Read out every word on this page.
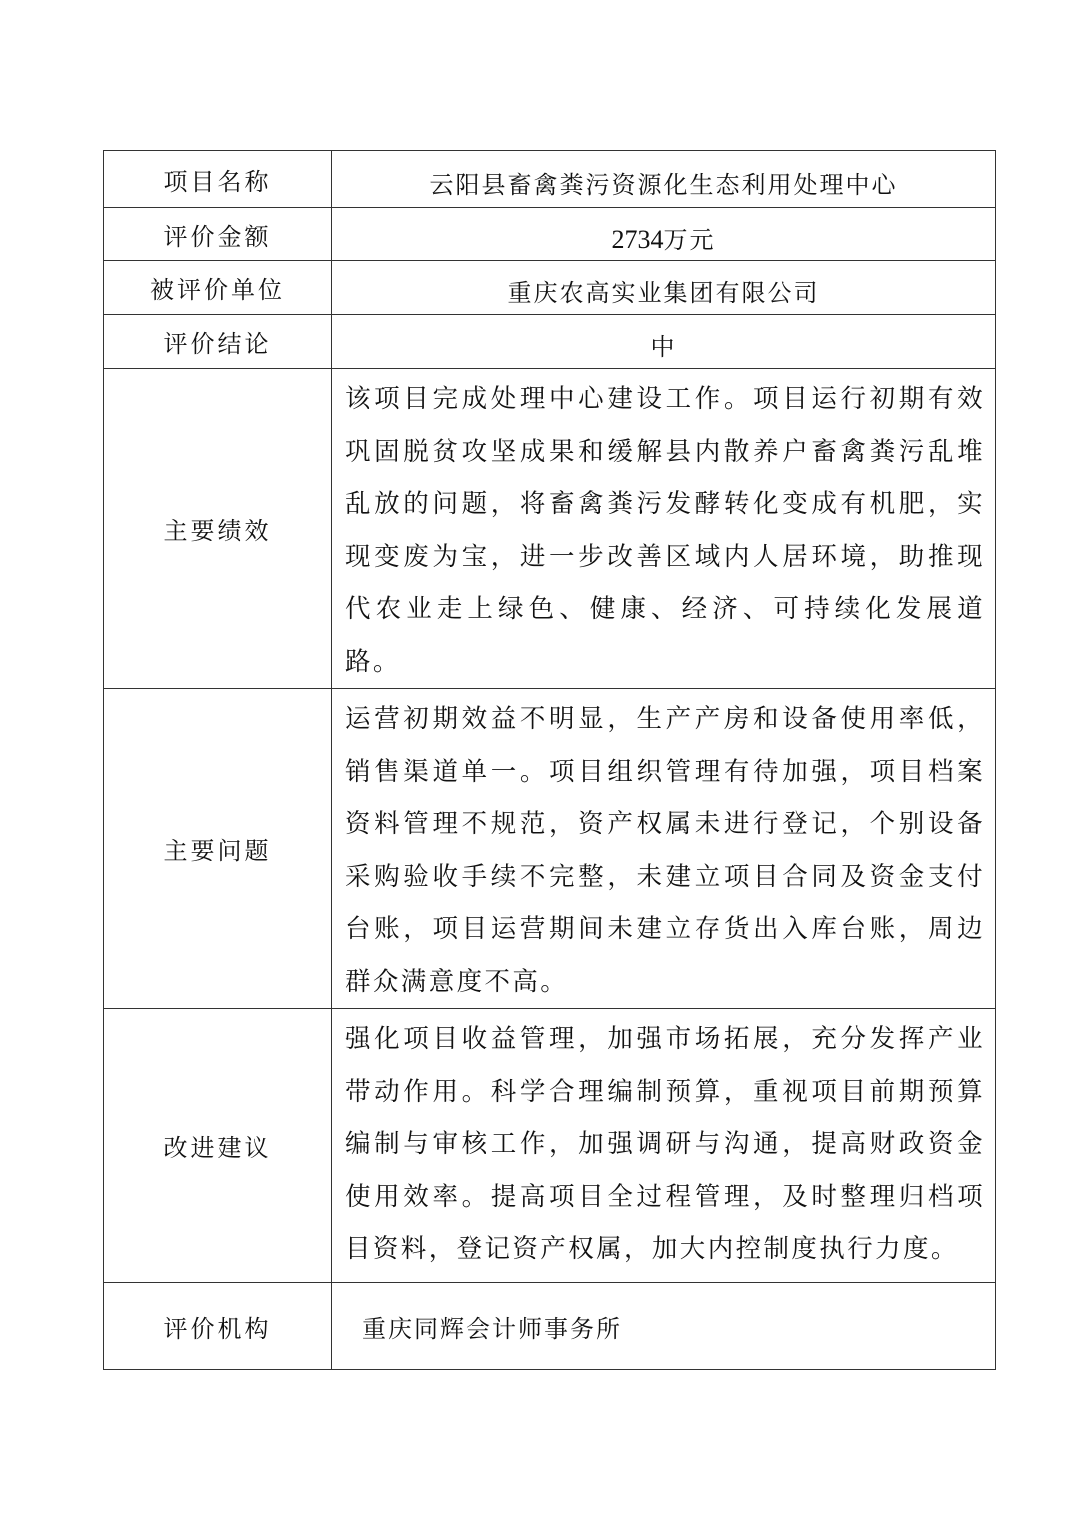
项目名称	云阳县畜禽粪污资源化生态利用处理中心
评价金额	2734万元
被评价单位	重庆农高实业集团有限公司
评价结论	中
主要绩效	该项目完成处理中心建设工作。项目运行初期有效巩固脱贫攻坚成果和缓解县内散养户畜禽粪污乱堆乱放的问题，将畜禽粪污发酵转化变成有机肥，实现变废为宝，进一步改善区域内人居环境，助推现代农业走上绿色、健康、经济、可持续化发展道路。
主要问题	运营初期效益不明显，生产产房和设备使用率低，销售渠道单一。项目组织管理有待加强，项目档案资料管理不规范，资产权属未进行登记，个别设备采购验收手续不完整，未建立项目合同及资金支付台账，项目运营期间未建立存货出入库台账，周边群众满意度不高。
改进建议	强化项目收益管理，加强市场拓展，充分发挥产业带动作用。科学合理编制预算，重视项目前期预算编制与审核工作，加强调研与沟通，提高财政资金使用效率。提高项目全过程管理，及时整理归档项目资料，登记资产权属，加大内控制度执行力度。
评价机构	重庆同辉会计师事务所
